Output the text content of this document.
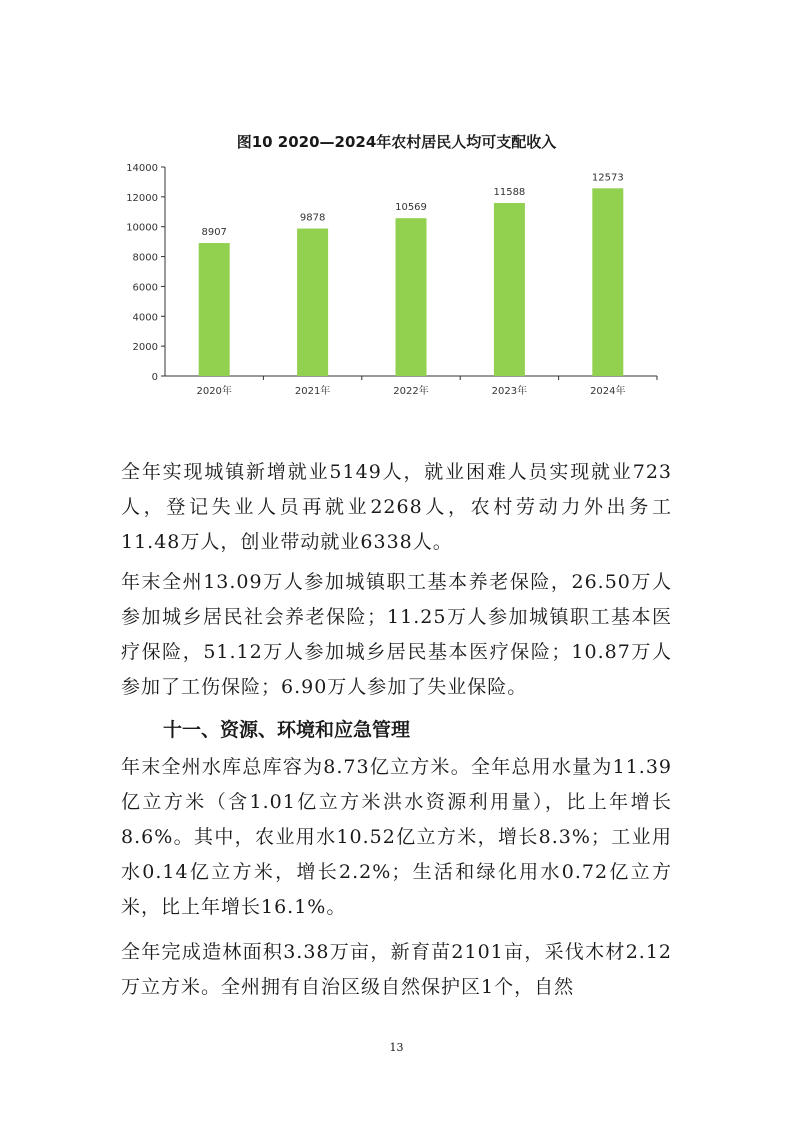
图10 2020—2024年农村居民人均可支配收入
0
2000
4000
6000
8000
10000
12000
14000
8907
2020年
9878
2021年
10569
2022年
11588
2023年
12573
2024年

全年实现城镇新增就业5149人，就业困难人员实现就业723人，登记失业人员再就业2268人，农村劳动力外出务工11.48万人，创业带动就业6338人。

年末全州13.09万人参加城镇职工基本养老保险，26.50万人参加城乡居民社会养老保险；11.25万人参加城镇职工基本医疗保险，51.12万人参加城乡居民基本医疗保险；10.87万人参加了工伤保险；6.90万人参加了失业保险。

十一、资源、环境和应急管理

年末全州水库总库容为8.73亿立方米。全年总用水量为11.39亿立方米（含1.01亿立方米洪水资源利用量），比上年增长8.6%。其中，农业用水10.52亿立方米，增长8.3%；工业用水0.14亿立方米，增长2.2%；生活和绿化用水0.72亿立方米，比上年增长16.1%。

全年完成造林面积3.38万亩，新育苗2101亩，采伐木材2.12万立方米。全州拥有自治区级自然保护区1个，自然

13
